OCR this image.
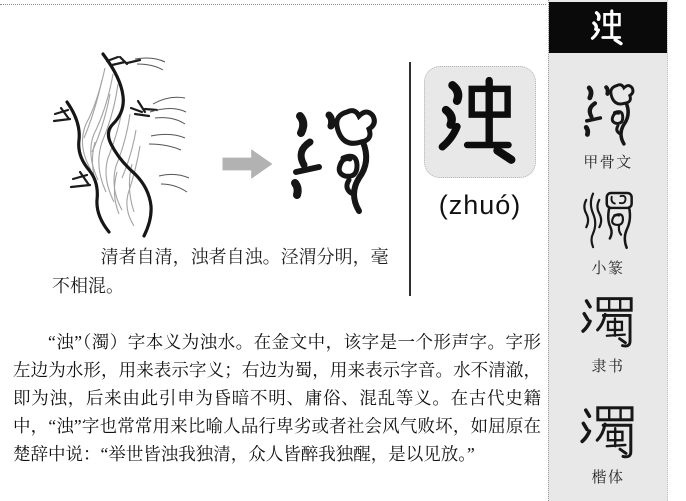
(zhuó)
清者自清，浊者自浊。泾渭分明，毫不相混。
“浊”（濁）字本义为浊水。在金文中，该字是一个形声字。字形左边为水形，用来表示字义；右边为蜀，用来表示字音。水不清澈，即为浊，后来由此引申为昏暗不明、庸俗、混乱等义。在古代史籍中，“浊”字也常常用来比喻人品行卑劣或者社会风气败坏，如屈原在楚辞中说：“举世皆浊我独清，众人皆醉我独醒，是以见放。”
甲骨文
小篆
隶书
楷体
